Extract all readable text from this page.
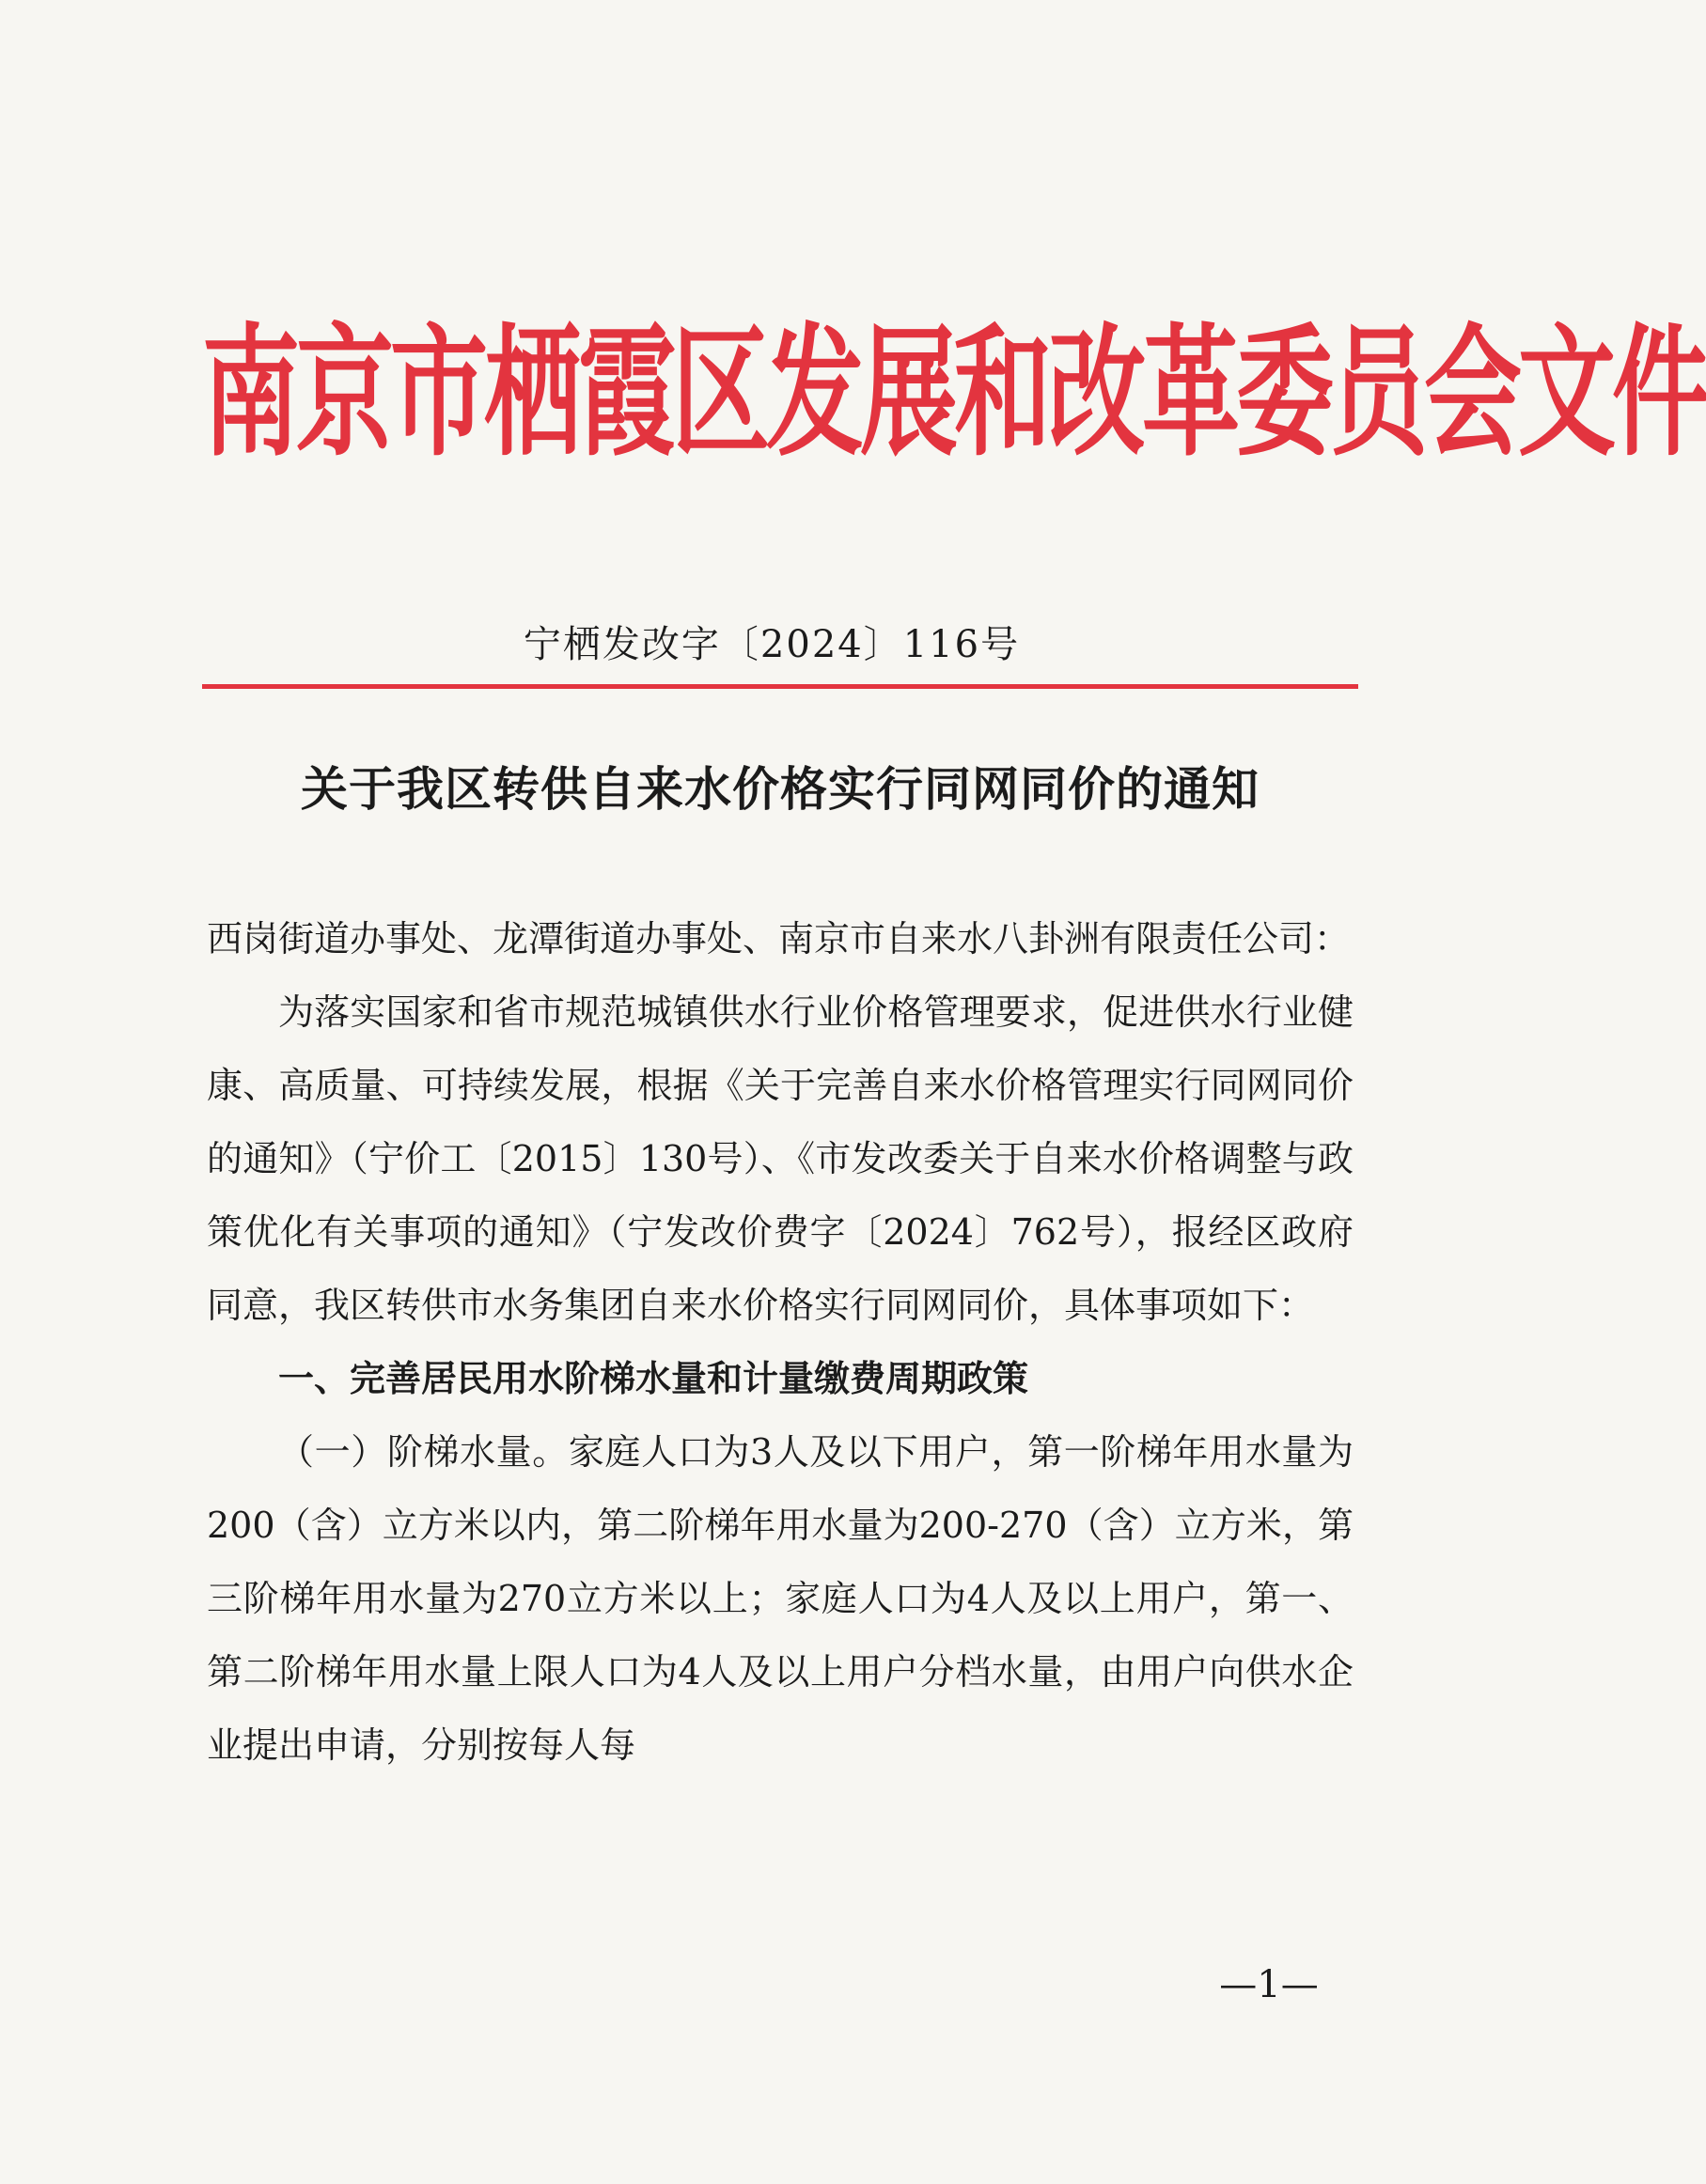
南京市栖霞区发展和改革委员会文件
宁栖发改字〔2024〕116号
关于我区转供自来水价格实行同网同价的通知

西岗街道办事处、龙潭街道办事处、南京市自来水八卦洲有限责任公司：

为落实国家和省市规范城镇供水行业价格管理要求，促进供水行业健康、高质量、可持续发展，根据《关于完善自来水价格管理实行同网同价的通知》（宁价工〔2015〕130号）、《市发改委关于自来水价格调整与政策优化有关事项的通知》（宁发改价费字〔2024〕762号），报经区政府同意，我区转供市水务集团自来水价格实行同网同价，具体事项如下：

一、完善居民用水阶梯水量和计量缴费周期政策

（一）阶梯水量。家庭人口为3人及以下用户，第一阶梯年用水量为200（含）立方米以内，第二阶梯年用水量为200-270（含）立方米，第三阶梯年用水量为270立方米以上；家庭人口为4人及以上用户，第一、第二阶梯年用水量上限人口为4人及以上用户分档水量，由用户向供水企业提出申请，分别按每人每

—1—
